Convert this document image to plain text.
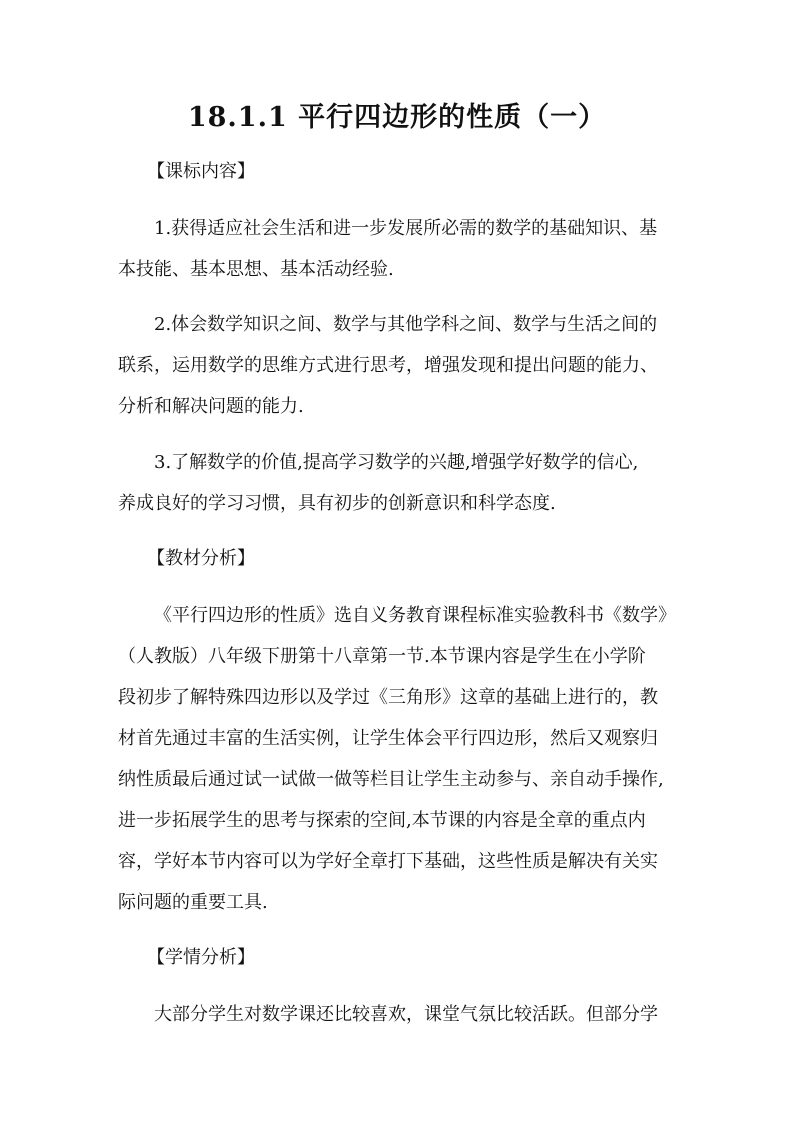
18.1.1 平行四边形的性质（一）
【课标内容】
1.获得适应社会生活和进一步发展所必需的数学的基础知识、基
本技能、基本思想、基本活动经验.
2.体会数学知识之间、数学与其他学科之间、数学与生活之间的
联系，运用数学的思维方式进行思考，增强发现和提出问题的能力、
分析和解决问题的能力.
3.了解数学的价值,提高学习数学的兴趣,增强学好数学的信心,
养成良好的学习习惯，具有初步的创新意识和科学态度.
【教材分析】
《平行四边形的性质》选自义务教育课程标准实验教科书《数学》
（人教版）八年级下册第十八章第一节.本节课内容是学生在小学阶
段初步了解特殊四边形以及学过《三角形》这章的基础上进行的，教
材首先通过丰富的生活实例，让学生体会平行四边形，然后又观察归
纳性质最后通过试一试做一做等栏目让学生主动参与、亲自动手操作,
进一步拓展学生的思考与探索的空间,本节课的内容是全章的重点内
容，学好本节内容可以为学好全章打下基础，这些性质是解决有关实
际问题的重要工具.
【学情分析】
大部分学生对数学课还比较喜欢，课堂气氛比较活跃。但部分学
